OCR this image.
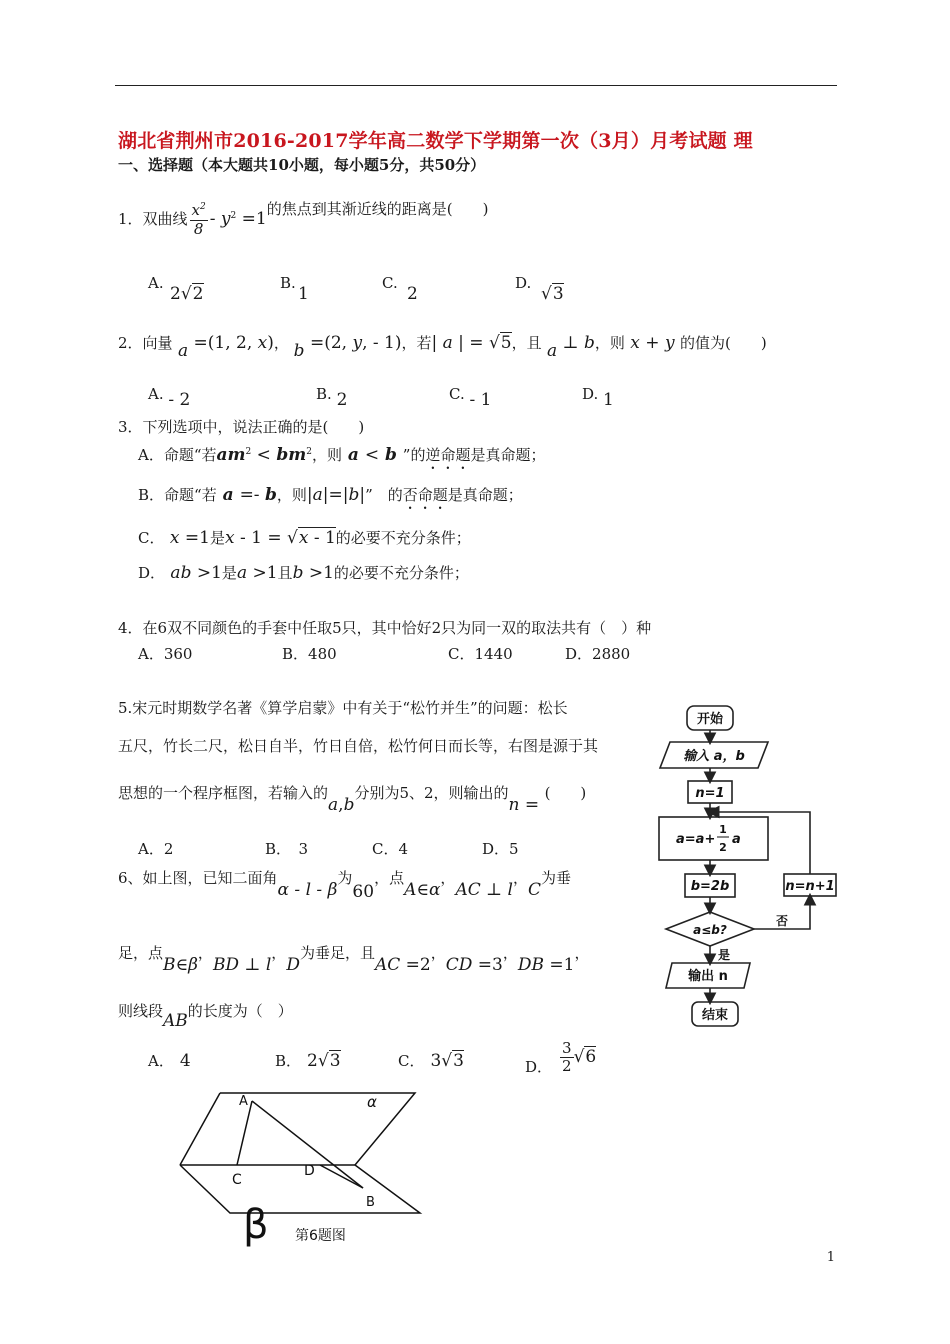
湖北省荆州市2016-2017学年高二数学下学期第一次（3月）月考试题 理
一、选择题（本大题共10小题，每小题5分，共50分）
1．双曲线 $\frac{x^2}{8} - y^2 =1$的焦点到其渐近线的距离是(　　)
A.
2√2
B.
1
C.
2
D.
√3
2．向量 a =(1, 2, x)， b =(2, y, - 1)，若| a | = √5，且 a ⊥ b，则 x + y 的值为(　　)
A. - 2	B. 2	C. - 1	D. 1
3．下列选项中，说法正确的是(　　)
A．命题“若$am^2 < bm^2$，则 a < b ”的逆命题是真命题；
B．命题“若 a =- b，则|a|=|b|”　的否命题是真命题；
C． x =1是x - 1 = √x - 1的必要不充分条件；
D． ab >1是a >1且b >1的必要不充分条件；
4．在6双不同颜色的手套中任取5只，其中恰好2只为同一双的取法共有（　）种
A．360	B．480	C．1440	D．2880
5.宋元时期数学名著《算学启蒙》中有关于“松竹并生”的问题：松长
五尺，竹长二尺，松日自半，竹日自倍，松竹何日而长等，右图是源于其
思想的一个程序框图，若输入的a,b分别为5、2，则输出的n = (　　)
A．2	B．　3	C．4	D．5
开始
输入 a，b
n=1
a=a+
1
2
a
b=2b	n=n+1
a≤b?
是
否
输出 n
结束
6、如上图，已知二面角α - l - β为60，点A∈α，AC ⊥ l，C为垂
足，点B∈β，BD ⊥ l，D为垂足，且AC =2，CD =3，DB =1，
则线段AB的长度为（　）
A． 4	B． 2√3	C． 3√3	D． $\frac{3}{2} √6$
A	α
C
D
B
β 第6题图
1
